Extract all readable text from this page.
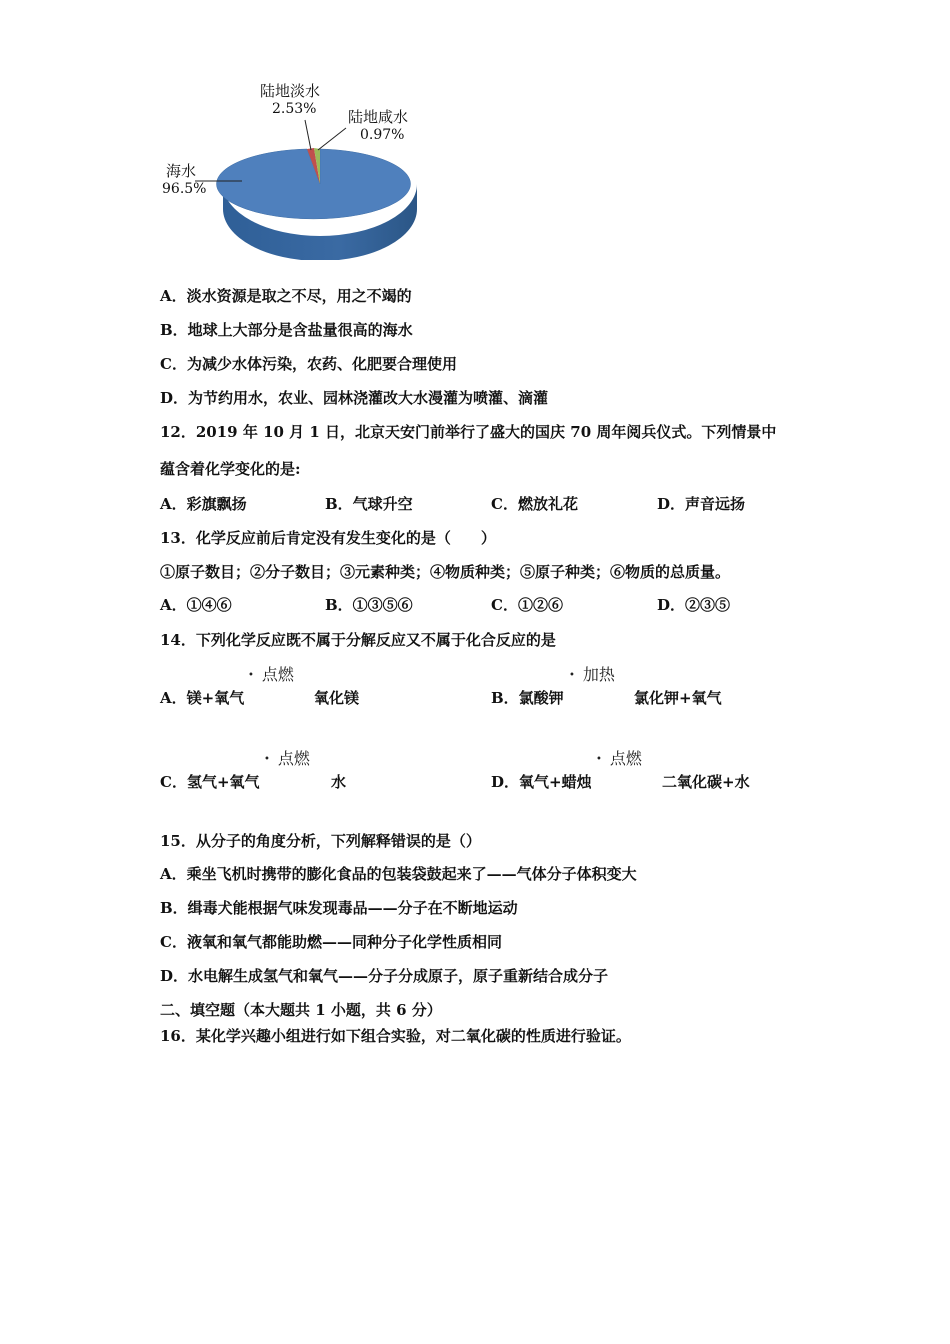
陆地淡水
2.53% 陆地咸水
0.97%
海水
96.5%
A．淡水资源是取之不尽，用之不竭的
B．地球上大部分是含盐量很高的海水
C．为减少水体污染，农药、化肥要合理使用
D．为节约用水，农业、园林浇灌改大水漫灌为喷灌、滴灌
12．2019 年 10 月 1 日，北京天安门前举行了盛大的国庆 70 周年阅兵仪式。下列情景中
蕴含着化学变化的是:
A．彩旗飘扬	B．气球升空	C．燃放礼花	D．声音远扬
13．化学反应前后肯定没有发生变化的是（　　）
①原子数目；②分子数目；③元素种类；④物质种类；⑤原子种类；⑥物质的总质量。
A．①④⑥	B．①③⑤⑥	C．①②⑥	D．②③⑤
14．下列化学反应既不属于分解反应又不属于化合反应的是
• 点燃
A．镁+氧气	氧化镁
• 加热
B．氯酸钾	氯化钾+氧气
• 点燃
C．氢气+氧气	水
• 点燃
D．氧气+蜡烛	二氧化碳+水
15．从分子的角度分析，下列解释错误的是（）
A．乘坐飞机时携带的膨化食品的包装袋鼓起来了——气体分子体积变大
B．缉毒犬能根据气味发现毒品——分子在不断地运动
C．液氧和氧气都能助燃——同种分子化学性质相同
D．水电解生成氢气和氧气——分子分成原子，原子重新结合成分子
二、填空题（本大题共 1 小题，共 6 分）
16．某化学兴趣小组进行如下组合实验，对二氧化碳的性质进行验证。
